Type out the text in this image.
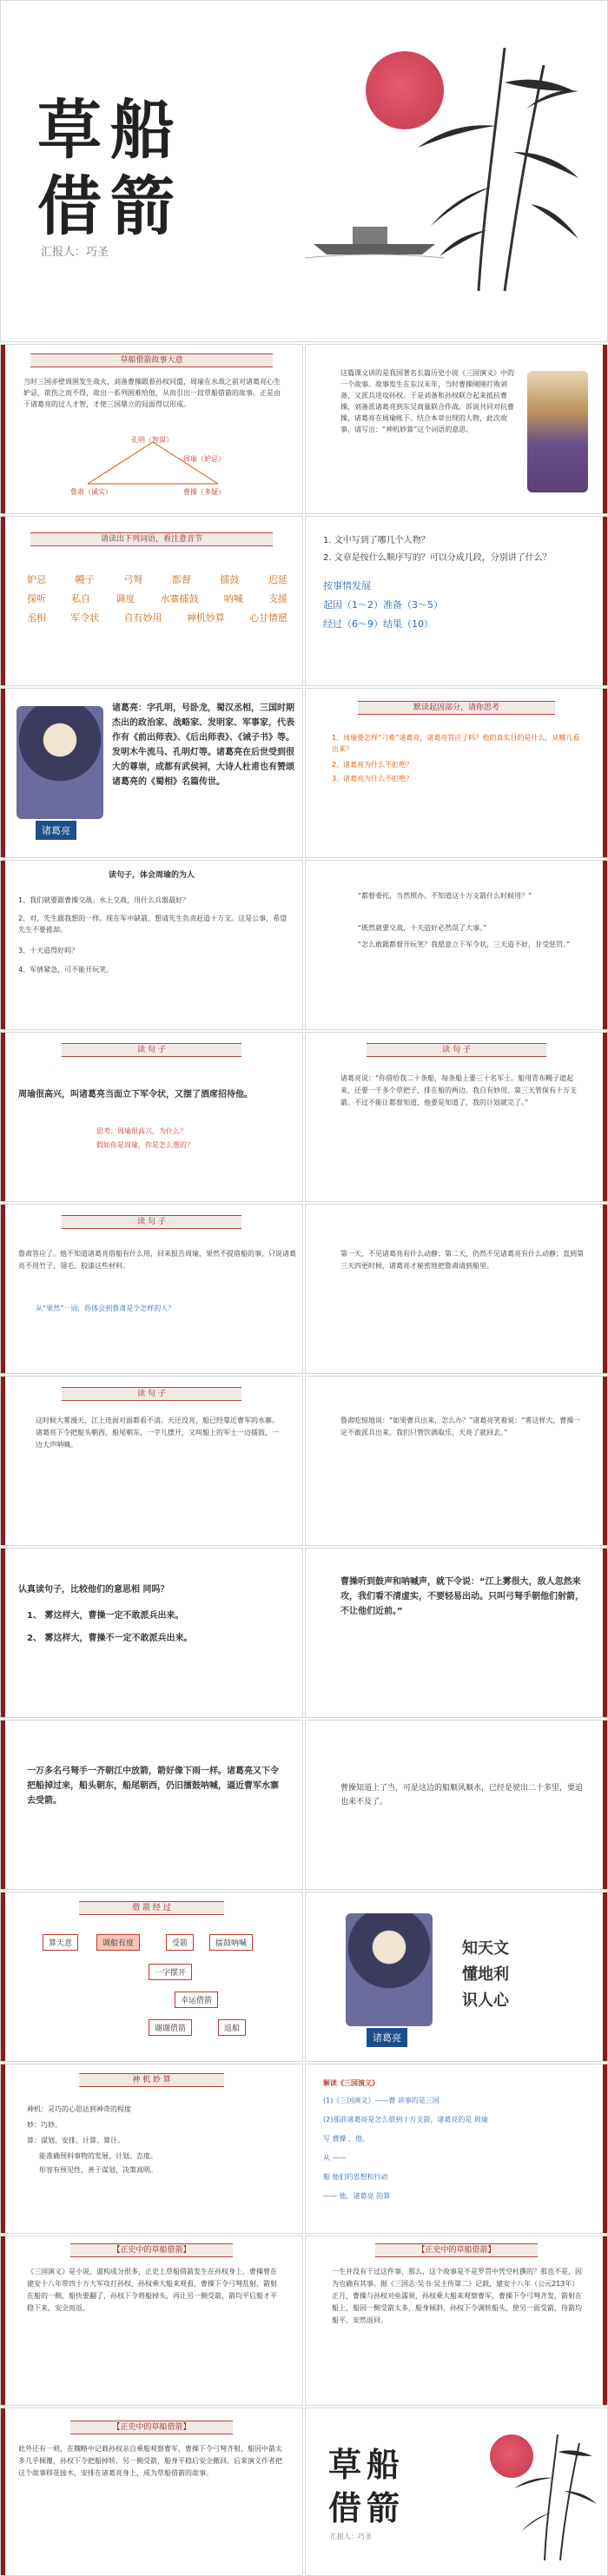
草船
借箭
汇报人：巧圣
草船借箭故事大意
当时三国赤壁周围发生战火，刘备曹操跟着孙权同盟，周瑜在水战之前对诸葛亮心生妒忌，欲伤之而不得，故出一系列困难给他，从而引出一段草船借箭的故事。正是由于诸葛亮的过人才智，才使三国鼎立的局面得以形成。
孔明（智谋）
周瑜（妒忌）
鲁肃（诚实）	曹操（多疑）
这篇课文讲的是我国著名长篇历史小说《三国演义》中的一个故事。故事发生在东汉末年，当时曹操刚刚打败刘备，又派兵进攻孙权。于是刘备和孙权联合起来抵抗曹操，刘备派诸葛亮到东吴商量联合作战。诉说共同对抗曹操，诸葛亮在周瑜帐下。结合本章出现的人物，此次故事，请写出：“神机妙算”这个词语的意思。
请读出下列词语，看注意音节
妒忌	幔子	弓弩	都督	擂鼓	迟延
探听	私自	调度	水寨擂鼓	呐喊	支援
丞相	军令状	自有妙用	神机妙算	心甘情愿
1. 文中写到了哪几个人物？
2. 文章是按什么顺序写的？可以分成几段，分别讲了什么？
按事情发展
起因（1～2）准备（3～5）
经过（6～9）结果（10）
诸葛亮
诸葛亮：字孔明，号卧龙，蜀汉丞相，三国时期杰出的政治家、战略家、发明家、军事家，代表作有《前出师表》、《后出师表》、《诫子书》等。发明木牛流马、孔明灯等。诸葛亮在后世受到很大的尊崇，成都有武侯祠，大诗人杜甫也有赞颂诸葛亮的《蜀相》名篇传世。
默读起因部分，请你思考
1、周瑜要怎样“刁难”诸葛亮，诸葛亮答应了吗？他的真实目的是什么，从哪儿看出来？
2、诸葛亮为什么不拒绝？
3、诸葛亮为什么不拒绝？
读句子，体会周瑜的为人
1、我们就要跟曹操交战。水上交战，用什么兵器最好？
2、对，先生跟我想的一样。现在军中缺箭，想请先生负责赶造十万支。这是公事，希望先生不要推却。
3、十天造得好吗？
4、军情紧急，可不能开玩笑。
“都督委托，当然照办。不知道这十万支箭什么时候用？”
“既然就要交战，十天造好必然误了大事。”
“怎么敢跟都督开玩笑？我愿意立下军令状，三天造不好，甘受惩罚。”
读 句 子
周瑜很高兴，叫诸葛亮当面立下军令状，又摆了酒席招待他。
思考：周瑜很高兴，为什么？
假如你是周瑜，你是怎么想的？
读 句 子
诸葛亮说：“你借给我二十条船，每条船上要三十名军士。船用青布幔子遮起来，还要一千多个草把子，排在船的两边。我自有妙用，第三天管保有十万支箭。不过不能让都督知道，他要是知道了，我的计划就完了。”
读 句 子
鲁肃答应了。他不知道诸葛亮借船有什么用，回来报告周瑜，果然不提借船的事，只说诸葛亮不用竹子、翎毛、胶漆这些材料。
从“果然”一词，你体会到鲁肃是个怎样的人？
第一天，不见诸葛亮有什么动静；第二天，仍然不见诸葛亮有什么动静；直到第三天四更时候，诸葛亮才秘密地把鲁肃请到船里。
读 句 子
这时候大雾漫天，江上连面对面都看不清。天还没亮，船已经靠近曹军的水寨。诸葛亮下令把船头朝西，船尾朝东，一字儿摆开，又叫船上的军士一边擂鼓，一边大声呐喊。
鲁肃吃惊地说：“如果曹兵出来，怎么办？”诸葛亮笑着说：“雾这样大，曹操一定不敢派兵出来。我们只管饮酒取乐，天亮了就回去。”
认真读句子，比较他们的意思相 同吗？
1、 雾这样大，曹操一定不敢派兵出来。
2、 雾这样大，曹操不一定不敢派兵出来。
曹操听到鼓声和呐喊声，就下令说：“江上雾很大，敌人忽然来攻，我们看不清虚实，不要轻易出动。只叫弓弩手朝他们射箭，不让他们近前。”
一万多名弓弩手一齐朝江中放箭，箭好像下雨一样。诸葛亮又下令把船掉过来，船头朝东，船尾朝西，仍旧擂鼓呐喊，逼近曹军水寨去受箭。
曹操知道上了当，可是这边的船顺风顺水，已经是驶出二十多里，要追也来不及了。
借 箭 经 过
算天意	调船有度	受箭	擂鼓呐喊
一字摆开
幸运借箭
谢谢借箭	返船
诸葛亮
知天文
懂地利
识人心
神 机 妙 算
神机：灵巧的心思达到神奇的程度
妙：巧妙。
算：谋划、安排、计算、算计。
能准确预料事物的发展、计划、态度。
形容有预见性，善于谋划，决策高明。
解读《三国演义》
(1)《三国演义》——曹 讲事的是三国
(2)那前诸葛亮是怎么借到十万支箭，诸葛亮的是 周瑜
写 曹操 ，他。
从 ——
船 他们的思想和行动
—— 他，诸葛亮 的算
【正史中的草船借箭】
《三国演义》是小说，虚构成分很多，正史上草船借箭发生在孙权身上，曹操曾在建安十八年带四十万大军攻打孙权，孙权乘大船来观看，曹操下令弓弩乱射，箭射在船的一侧，船快要翻了，孙权下令将船掉头，再让另一侧受箭，箭均平后船才平稳下来，安全而返。
【正史中的草船借箭】
一生并没有干过这件事，那么，这个故事是不是罗贯中凭空杜撰的？那也不是，因为也确有其事。据《三国志·吴书·吴主传第二》记载，建安十八年（公元213年）正月，曹操与孙权对垒濡须，孙权乘大船来观察曹军，曹操下令弓弩齐发，箭射在船上，船因一侧受箭太多，船身倾斜，孙权下令调转船头，使另一面受箭，待箭均船平，安然返回。
【正史中的草船借箭】
此外还有一则，在魏略中记载孙权亲自乘船观察曹军，曹操下令弓弩齐射，船因中箭太多几乎倾覆，孙权下令把船掉转，另一侧受箭，船身平稳后安全撤回。后来演义作者把这个故事移花接木，安排在诸葛亮身上，成为草船借箭的故事。	草船
借箭
汇报人：巧圣
